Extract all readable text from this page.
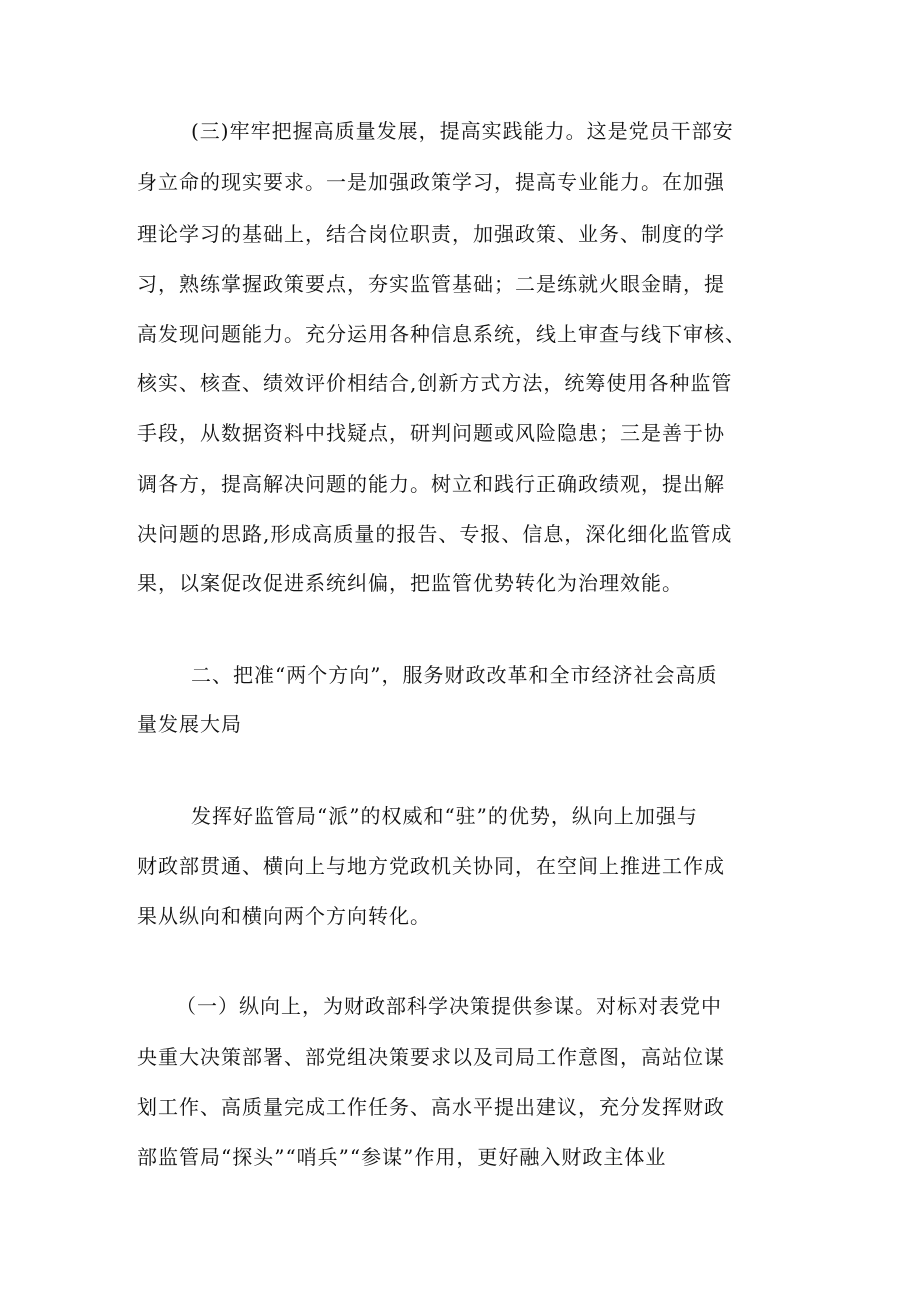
(三)牢牢把握高质量发展，提高实践能力。这是党员干部安
身立命的现实要求。一是加强政策学习，提高专业能力。在加强
理论学习的基础上，结合岗位职责，加强政策、业务、制度的学
习，熟练掌握政策要点，夯实监管基础；二是练就火眼金睛，提
高发现问题能力。充分运用各种信息系统，线上审查与线下审核、
核实、核查、绩效评价相结合,创新方式方法，统筹使用各种监管
手段，从数据资料中找疑点，研判问题或风险隐患；三是善于协
调各方，提高解决问题的能力。树立和践行正确政绩观，提出解
决问题的思路,形成高质量的报告、专报、信息，深化细化监管成
果，以案促改促进系统纠偏，把监管优势转化为治理效能。
二、把准“两个方向”，服务财政改革和全市经济社会高质
量发展大局
发挥好监管局“派”的权威和“驻”的优势，纵向上加强与
财政部贯通、横向上与地方党政机关协同，在空间上推进工作成
果从纵向和横向两个方向转化。
（一）纵向上，为财政部科学决策提供参谋。对标对表党中
央重大决策部署、部党组决策要求以及司局工作意图，高站位谋
划工作、高质量完成工作任务、高水平提出建议，充分发挥财政
部监管局“探头”“哨兵”“参谋”作用，更好融入财政主体业
